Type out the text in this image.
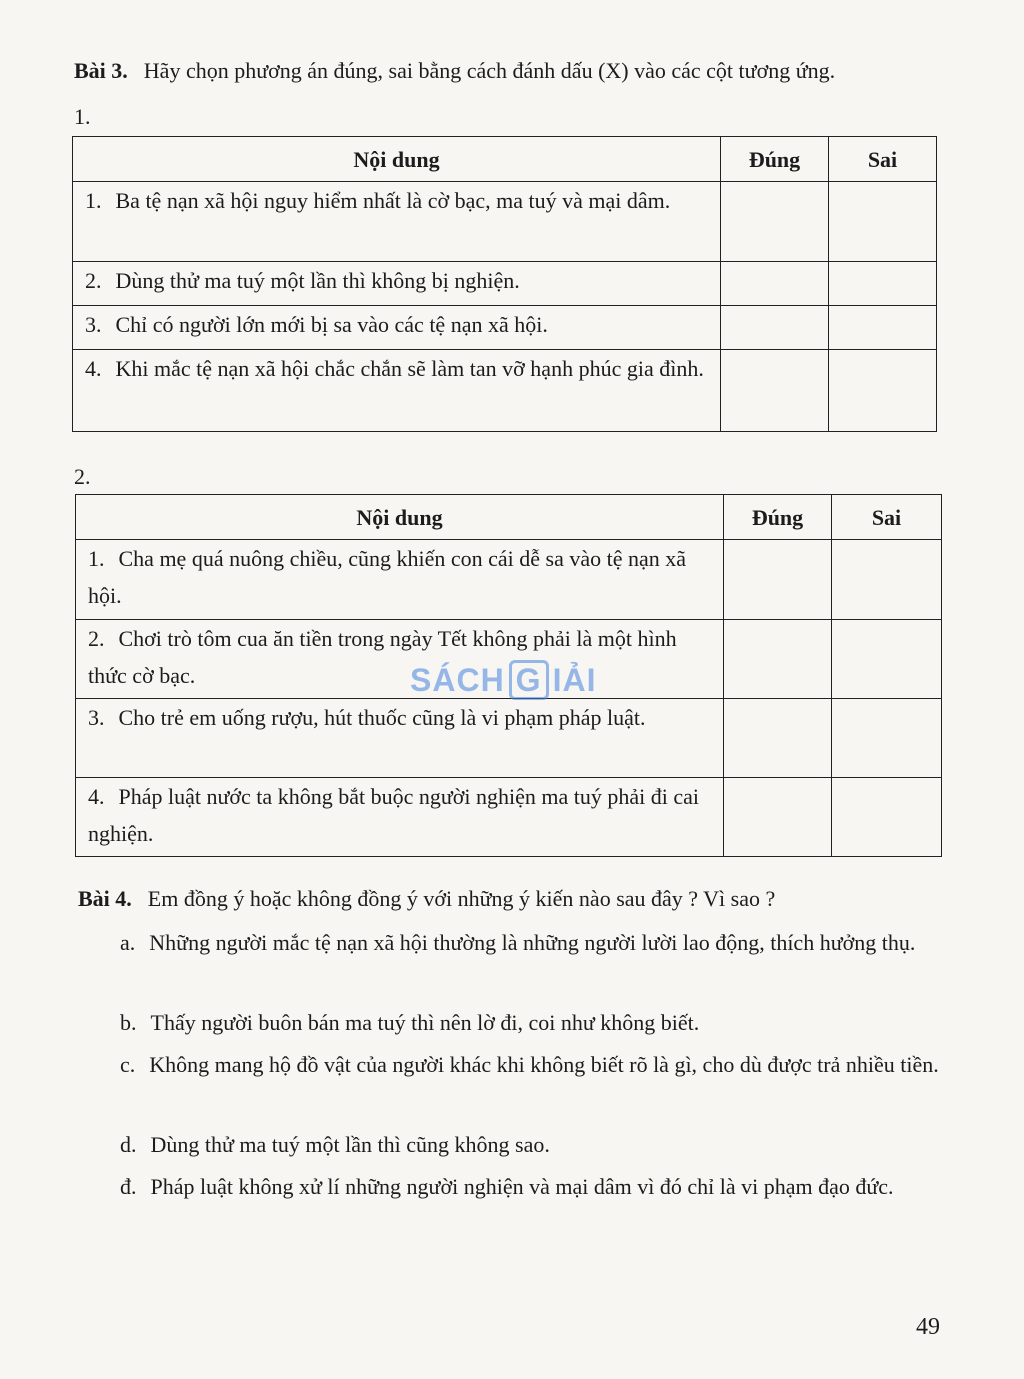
Bài 3. Hãy chọn phương án đúng, sai bằng cách đánh dấu (X) vào các cột tương ứng.
1.
Nội dung	Đúng	Sai
1. Ba tệ nạn xã hội nguy hiểm nhất là cờ bạc, ma tuý và mại dâm.		
2. Dùng thử ma tuý một lần thì không bị nghiện.		
3. Chỉ có người lớn mới bị sa vào các tệ nạn xã hội.		
4. Khi mắc tệ nạn xã hội chắc chắn sẽ làm tan vỡ hạnh phúc gia đình.		
2.
Nội dung	Đúng	Sai
1. Cha mẹ quá nuông chiều, cũng khiến con cái dễ sa vào tệ nạn xã hội.		
2. Chơi trò tôm cua ăn tiền trong ngày Tết không phải là một hình thức cờ bạc.		
3. Cho trẻ em uống rượu, hút thuốc cũng là vi phạm pháp luật.		
4. Pháp luật nước ta không bắt buộc người nghiện ma tuý phải đi cai nghiện.		
SÁCH G IẢI
Bài 4. Em đồng ý hoặc không đồng ý với những ý kiến nào sau đây ? Vì sao ?
a. Những người mắc tệ nạn xã hội thường là những người lười lao động, thích hưởng thụ.
b. Thấy người buôn bán ma tuý thì nên lờ đi, coi như không biết.
c. Không mang hộ đồ vật của người khác khi không biết rõ là gì, cho dù được trả nhiều tiền.
d. Dùng thử ma tuý một lần thì cũng không sao.
đ. Pháp luật không xử lí những người nghiện và mại dâm vì đó chỉ là vi phạm đạo đức.
49
